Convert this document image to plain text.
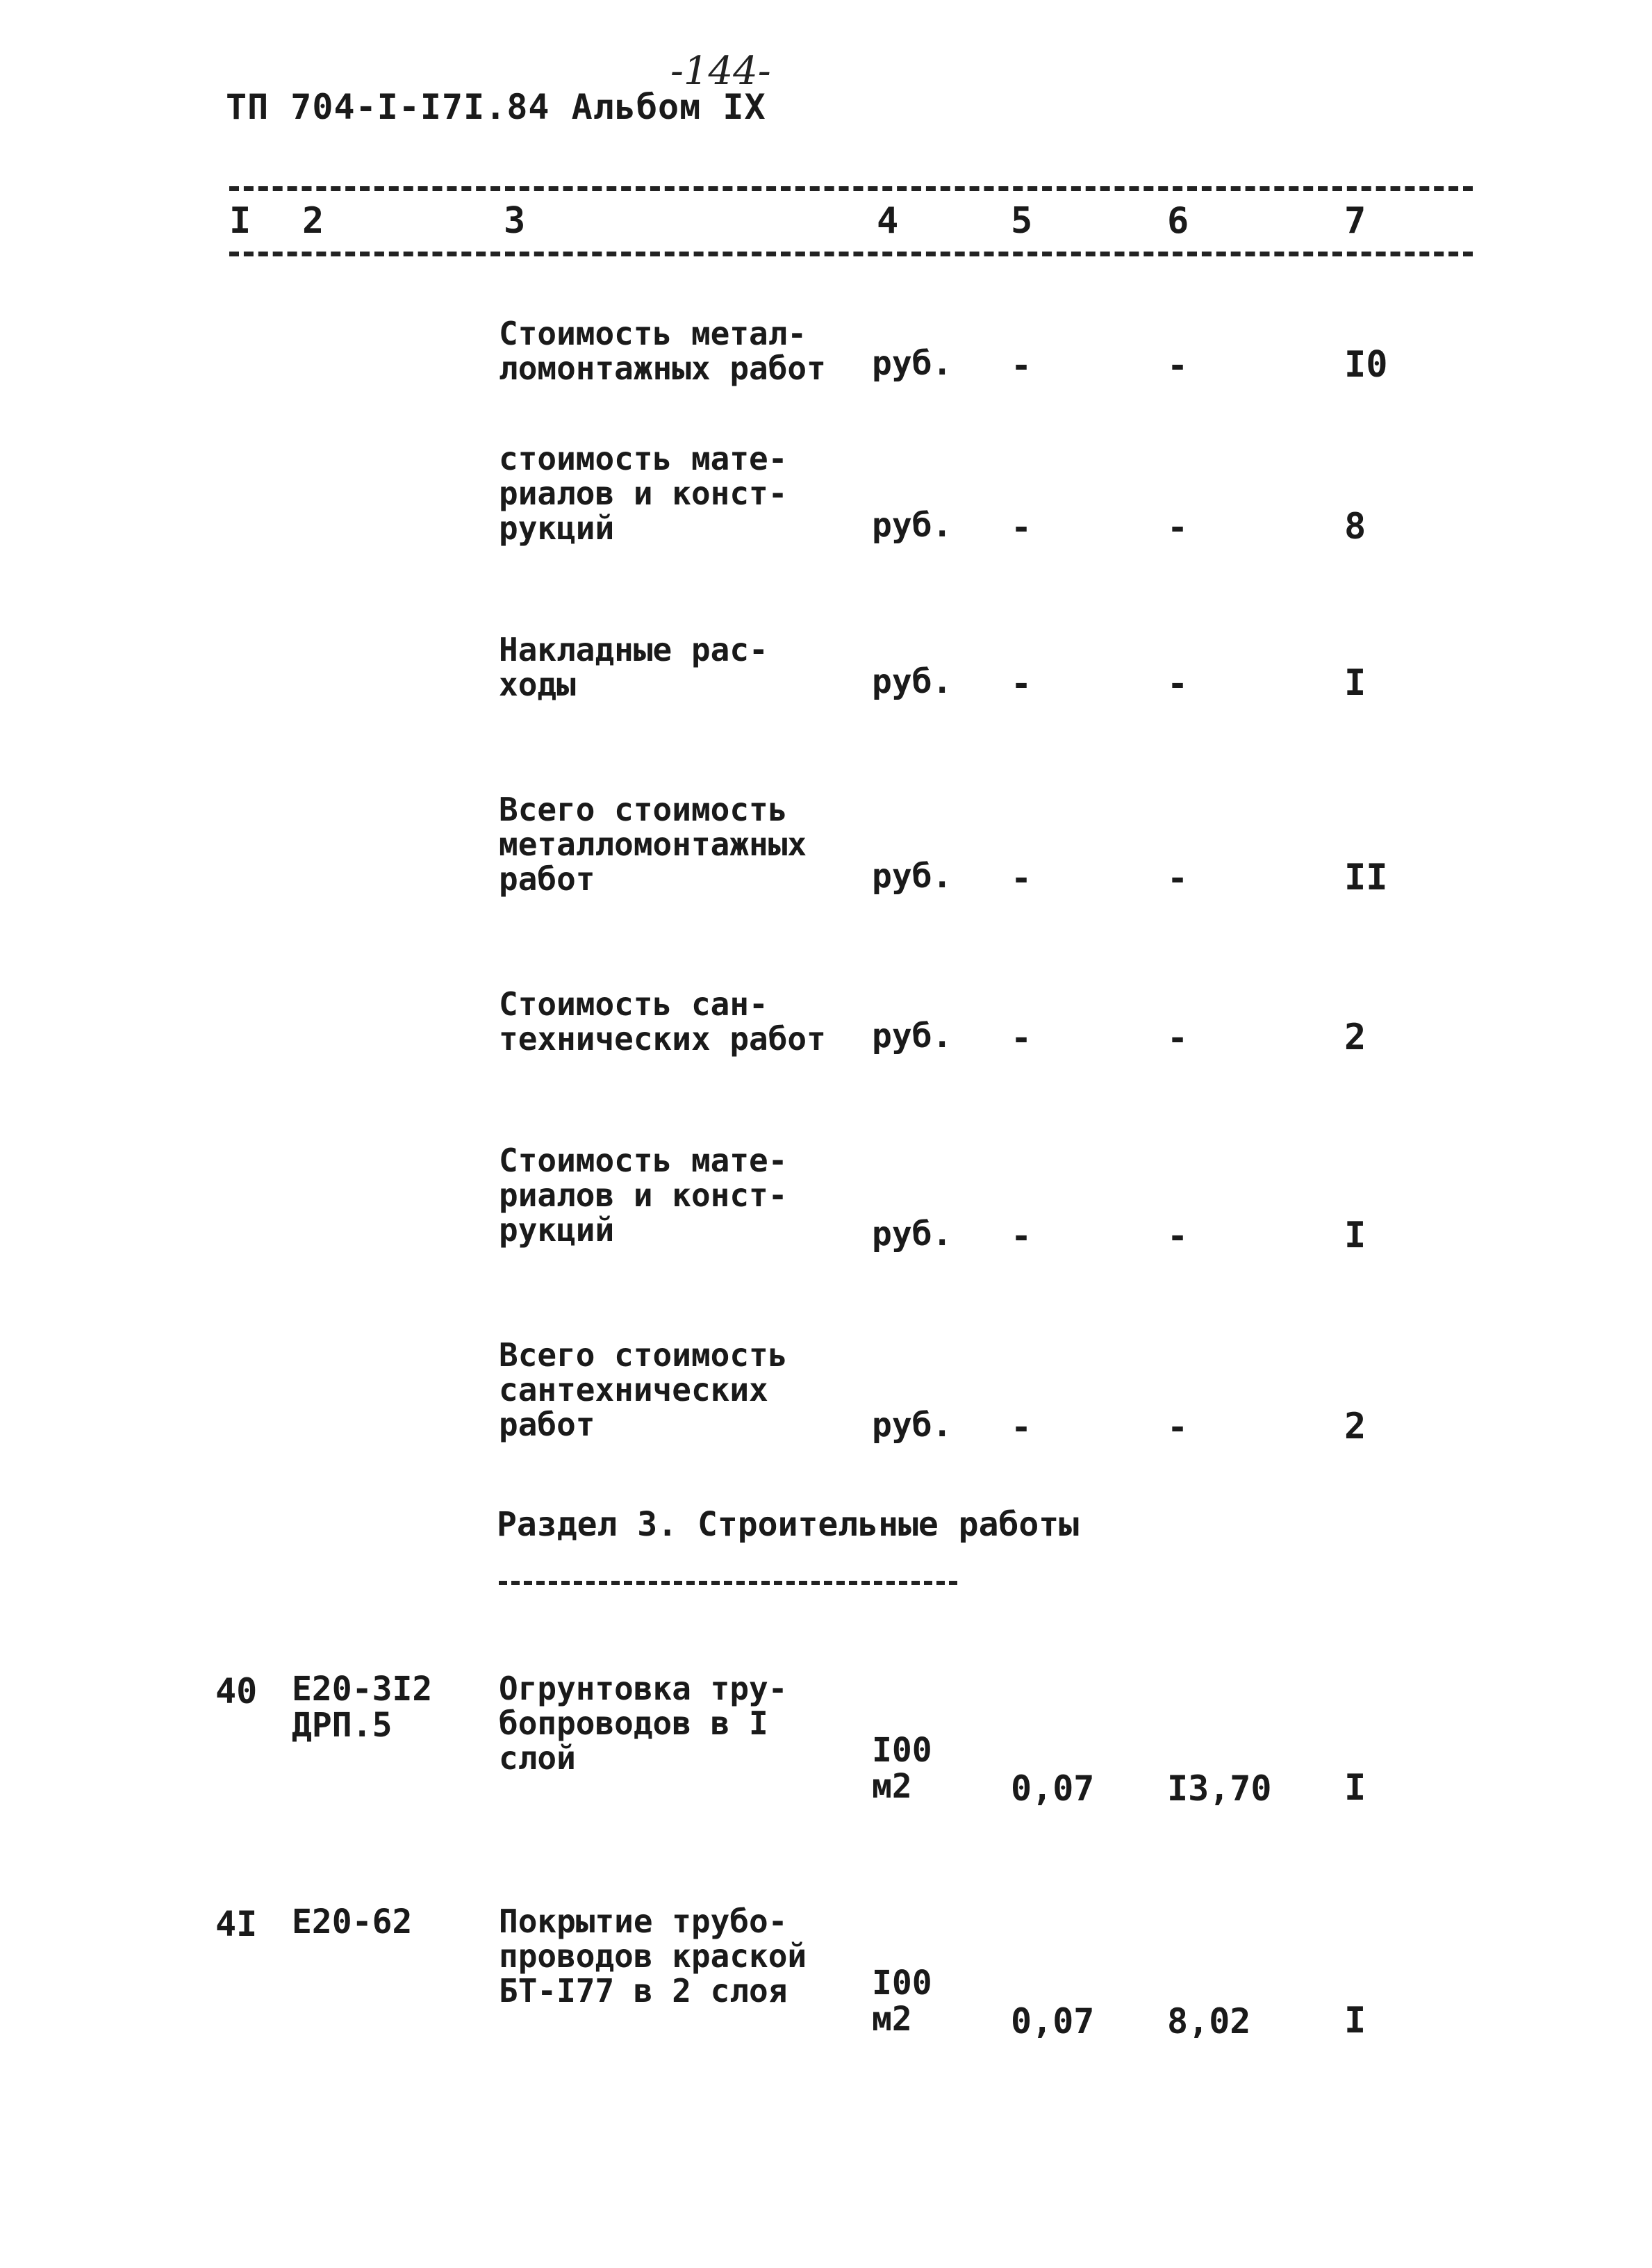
-144-
ТП 704-I-I7I.84 Альбом IX
I 2	3	4	5	6	7
Стоимость метал-
ломонтажных работ	руб. -	-	I0
стоимость мате-
риалов и конст-
рукций	руб. -	-	8
Накладные рас-
ходы	руб. -	-	I
Всего стоимость
металломонтажных
работ	руб. -	-	II
Стоимость сан-
технических работ	руб. -	-	2
Стоимость мате-
риалов и конст-
рукций	руб. -	-	I
Всего стоимость
сантехнических
работ	руб. -	-	2
Раздел 3. Строительные работы
40 Е20-3I2
ДРП.5
Огрунтовка тру-
бопроводов в I
слой	I00
м2	0,07 I3,70 I
4I Е20-62	Покрытие трубо-
проводов краской
БТ-I77 в 2 слоя	I00
м2	0,07 8,02	I
